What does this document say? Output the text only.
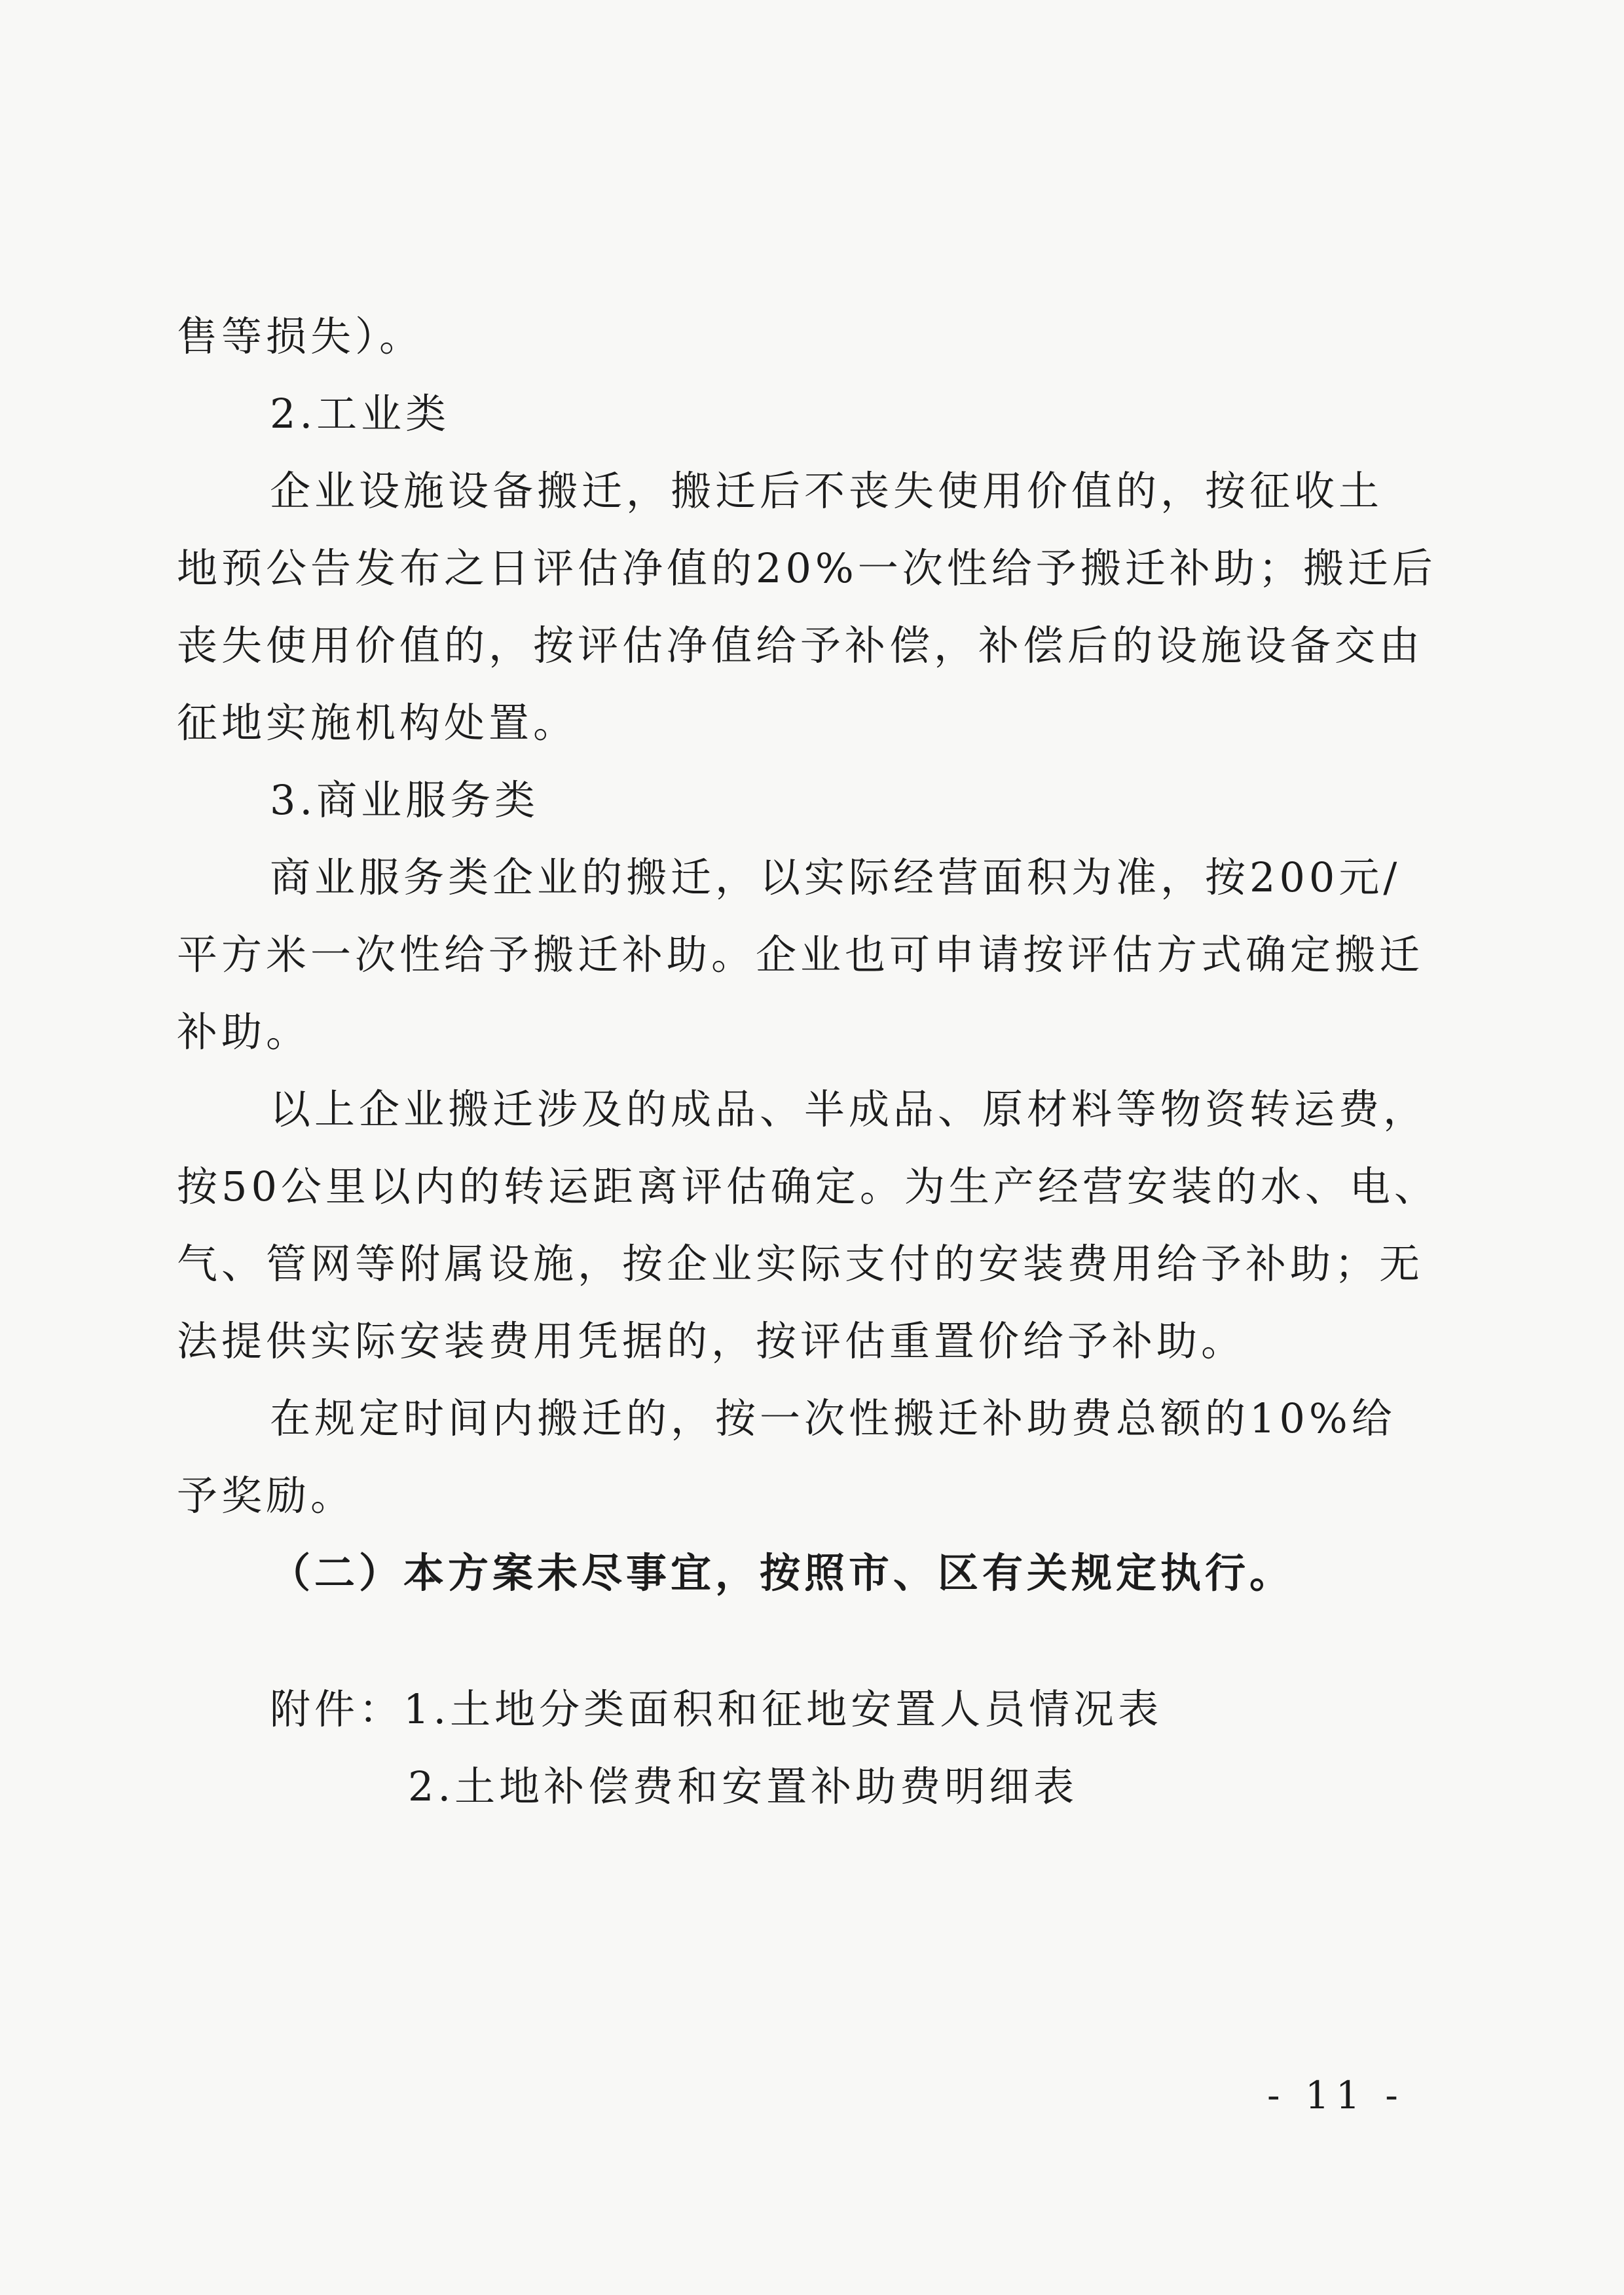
售等损失）。
2.工业类
企业设施设备搬迁，搬迁后不丧失使用价值的，按征收土
地预公告发布之日评估净值的20%一次性给予搬迁补助；搬迁后
丧失使用价值的，按评估净值给予补偿，补偿后的设施设备交由
征地实施机构处置。
3.商业服务类
商业服务类企业的搬迁，以实际经营面积为准，按200元/
平方米一次性给予搬迁补助。企业也可申请按评估方式确定搬迁
补助。
以上企业搬迁涉及的成品、半成品、原材料等物资转运费，
按50公里以内的转运距离评估确定。为生产经营安装的水、电、
气、管网等附属设施，按企业实际支付的安装费用给予补助；无
法提供实际安装费用凭据的，按评估重置价给予补助。
在规定时间内搬迁的，按一次性搬迁补助费总额的10%给
予奖励。
（二）本方案未尽事宜，按照市、区有关规定执行。
附件：1.土地分类面积和征地安置人员情况表
2.土地补偿费和安置补助费明细表
- 11 -
